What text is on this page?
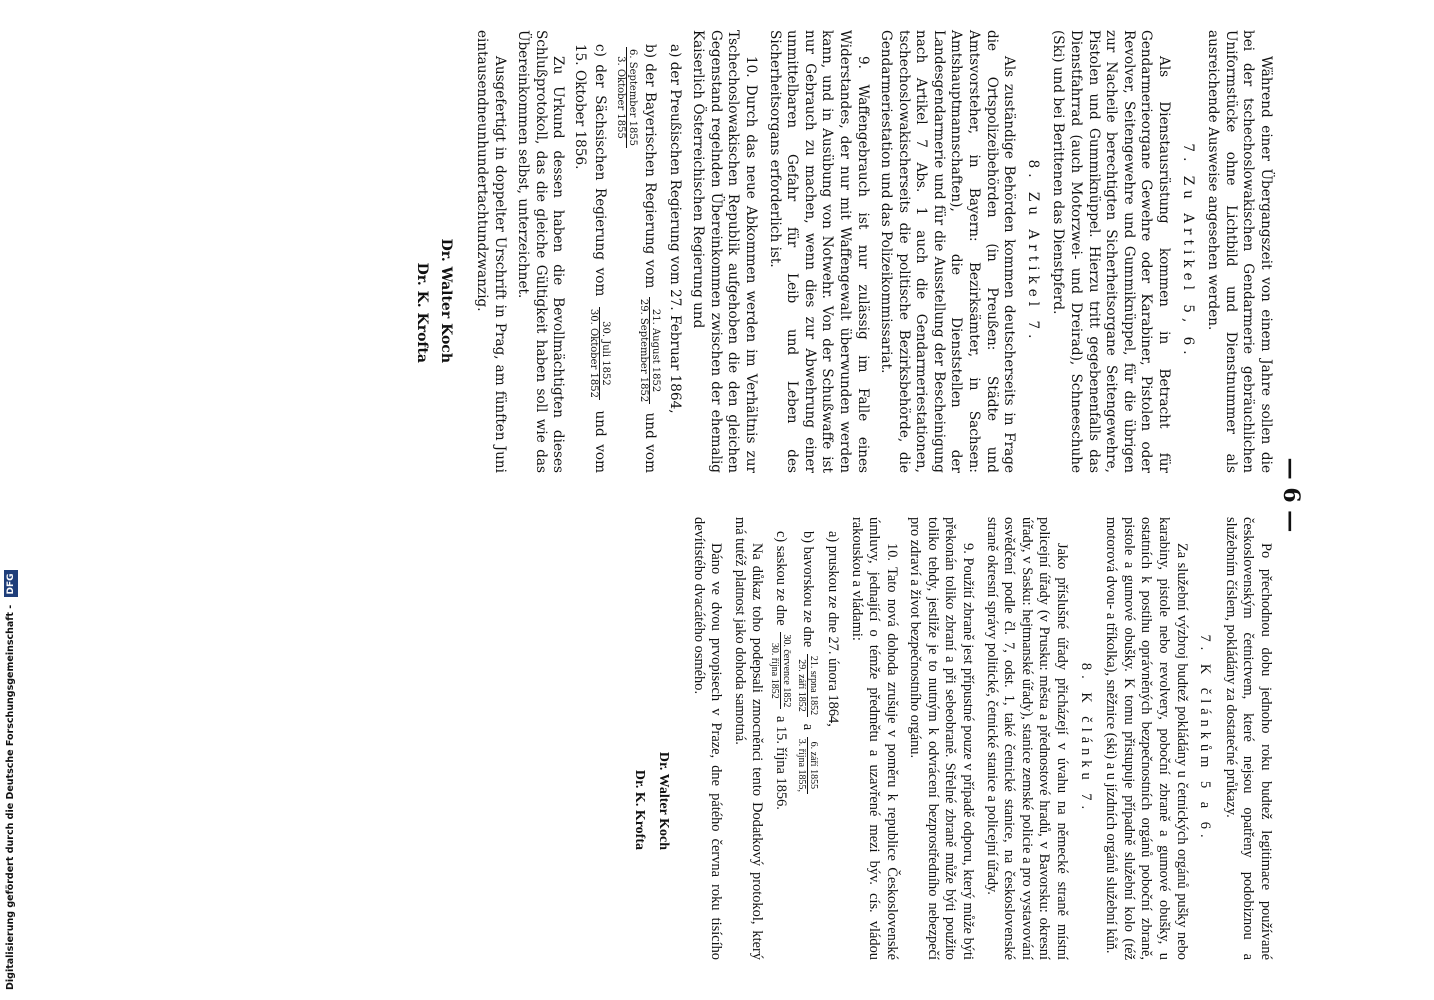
— 6 —

Während einer Übergangszeit von einem Jahre sollen die bei der tschechoslowakischen Gendarmerie gebräuchlichen Uniformstücke ohne Lichtbild und Dienstnummer als ausreichende Ausweise angesehen werden.

7. Zu Artikel 5, 6.

Als Dienstausrüstung kommen in Betracht für Gendarmerieorgane Gewehre oder Karabiner, Pistolen oder Revolver, Seitengewehre und Gummiknüppel, für die übrigen zur Nacheile berechtigten Sicherheitsorgane Seitengewehre, Pistolen und Gummiknüppel. Hierzu tritt gegebenenfalls das Dienstfahrrad (auch Motorzwei- und Dreirad), Schneeschuhe (Ski) und bei Berittenen das Dienstpferd.

8. Zu Artikel 7.

Als zuständige Behörden kommen deutscherseits in Frage die Ortspolizeibehörden (in Preußen: Städte und Amtsvorsteher, in Bayern: Bezirksämter, in Sachsen: Amtshauptmannschaften), die Dienststellen der Landesgendarmerie und für die Ausstellung der Bescheinigung nach Artikel 7 Abs. 1 auch die Gendarmeriestationen, tschechoslowakischerseits die politische Bezirksbehörde, die Gendarmeriestation und das Polizeikommissariat.

9. Waffengebrauch ist nur zulässig im Falle eines Widerstandes, der nur mit Waffengewalt überwunden werden kann, und in Ausübung von Notwehr. Von der Schußwaffe ist nur Gebrauch zu machen, wenn dies zur Abwehrung einer unmittelbaren Gefahr für Leib und Leben des Sicherheitsorgans erforderlich ist.

10. Durch das neue Abkommen werden im Verhältnis zur Tschechoslowakischen Republik aufgehoben die den gleichen Gegenstand regelnden Übereinkommen zwischen der ehemalig Kaiserlich Österreichischen Regierung und

a) der Preußischen Regierung vom 27. Februar 1864,
b) der Bayerischen Regierung vom
21. August 1852
29. September 1852
und vom
6. September 1855
3. Oktober 1855
c) der Sächsischen Regierung vom
30. Juli 1852
30. Oktober 1852
und vom 15. Oktober 1856.

Zu Urkund dessen haben die Bevollmächtigten dieses Schlußprotokoll, das die gleiche Gültigkeit haben soll wie das Übereinkommen selbst, unterzeichnet.

Ausgefertigt in doppelter Urschrift in Prag, am fünften Juni eintausendneunhundertachtundzwanzig.

Dr. Walter Koch
Dr. K. Krofta

Po přechodnou dobu jednoho roku budtež legitimace používané československým četnictvem, které nejsou opatřeny podobiznou a služebním číslem, pokládány za dostatečné průkazy.

7. K článkům 5 a 6.

Za služební výzbroj budtež pokládány u četnických orgánů pušky nebo karabiny, pistole nebo revolvery, poboční zbraně a gumové obušky, u ostatních k postihu oprávněných bezpečnostních orgánů poboční zbraně, pistole a gumové obušky. K tomu přistupuje případně služební kolo (též motorová dvou- a tříkolka), sněžnice (ski) a u jízdních orgánů služební kůň.

8. K článku 7.

Jako příslušné úřady přicházejí v úvahu na německé straně místní policejní úřady (v Prusku: města a přednostové hradů, v Bavorsku: okresní úřady, v Sasku: hejtmanské úřady), stanice zemské policie a pro vystavování osvědčení podle čl. 7, odst. 1, také četnické stanice, na československé straně okresní správy politické, četnické stanice a policejní úřady.

9. Použití zbraně jest přípustné pouze v případě odporu, který může býti překonán toliko zbraní a při sebeobraně. Střelné zbraně může býti použito toliko tehdy, jestliže je to nutným k odvrácení bezprostředního nebezpečí pro zdraví a život bezpečnostního orgánu.

10. Tato nová dohoda zrušuje v poměru k republice Československé úmluvy, jednající o témže předmětu a uzavřené mezi býv. cís. vládou rakouskou a vládami:

a) pruskou ze dne 27. února 1864,
b) bavorskou ze dne
21. srpna 1852
29. září 1852
a
6. září 1855
3. října 1855,
c) saskou ze dne
30. července 1852
30. října 1852
a 15. října 1856.

Na důkaz toho podepsali zmocněnci tento Dodatkový protokol, který má tutéž platnost jako dohoda samotná.

Dáno ve dvou prvopisech v Praze, dne pátého června roku tisícího devítistého dvacátého osmého.

Dr. Walter Koch
Dr. K. Krofta
Digitalisierung gefördert durch die Deutsche Forschungsgemeinschaft - DFG
